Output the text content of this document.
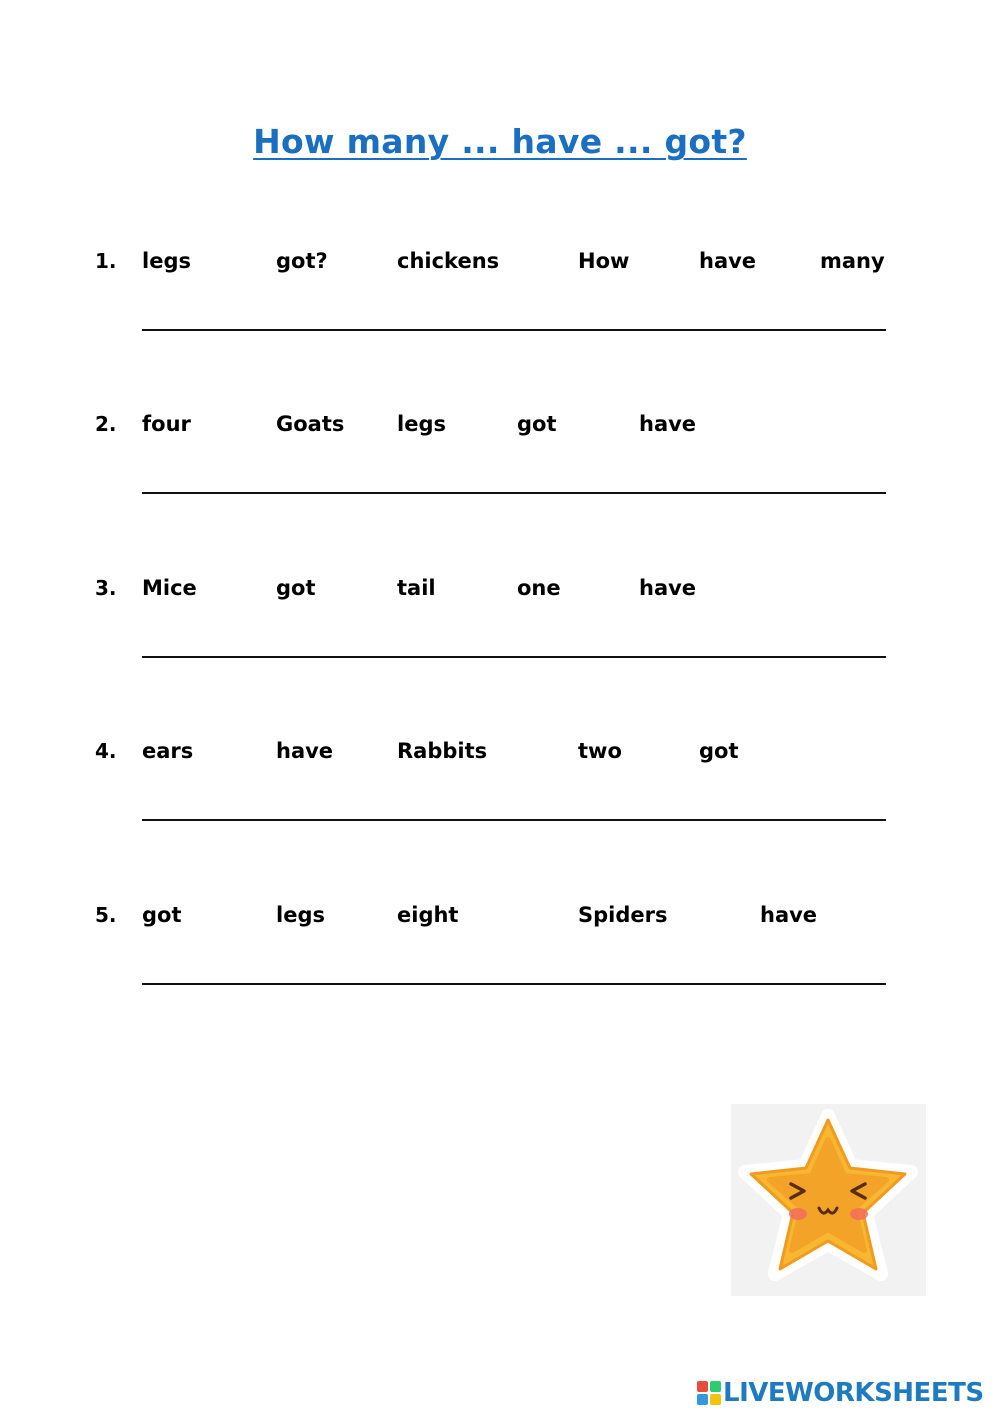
How many ... have ... got?
1. legs	got?	chickens	How	have	many
2. four	Goats	legs	got	have
3. Mice	got	tail	one	have
4. ears	have	Rabbits	two	got
5. got	legs	eight	Spiders	have
LIVEWORKSHEETS
